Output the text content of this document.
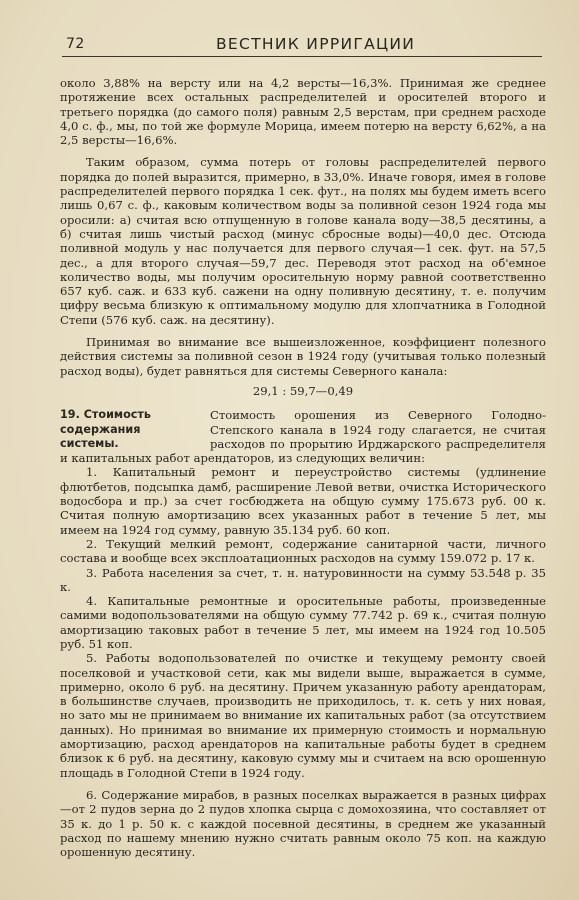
72	ВЕСТНИК ИРРИГАЦИИ

около 3,88% на версту или на 4,2 версты—16,3%. Принимая же среднее протяжение всех остальных распределителей и оросителей второго и третьего порядка (до самого поля) равным 2,5 верстам, при среднем расходе 4,0 с. ф., мы, по той же формуле Морица, имеем потерю на версту 6,62%, а на 2,5 версты—16,6%.

Таким образом, сумма потерь от головы распределителей первого порядка до полей выразится, примерно, в 33,0%. Иначе говоря, имея в голове распределителей первого порядка 1 сек. фут., на полях мы будем иметь всего лишь 0,67 с. ф., каковым количеством воды за поливной сезон 1924 года мы оросили: а) считая всю отпущенную в голове канала воду—38,5 десятины, а б) считая лишь чистый расход (минус сбросные воды)—40,0 дес. Отсюда поливной модуль у нас получается для первого случая—1 сек. фут. на 57,5 дес., а для второго случая—59,7 дес. Переводя этот расход на об'емное количество воды, мы получим оросительную норму равной соответственно 657 куб. саж. и 633 куб. сажени на одну поливную десятину, т. е. получим цифру весьма близкую к оптимальному модулю для хлопчатника в Голодной Степи (576 куб. саж. на десятину).

Принимая во внимание все вышеизложенное, коэффициент полезного действия системы за поливной сезон в 1924 году (учитывая только полезный расход воды), будет равняться для системы Северного канала:

29,1 : 59,7—0,49

19. Стоимость содержания системы.

Стоимость орошения из Северного Голодно-Степского канала в 1924 году слагается, не считая расходов по прорытию Ирджарского распределителя и капитальных работ арендаторов, из следующих величин:

1. Капитальный ремонт и переустройство системы (удлинение флютбетов, подсыпка дамб, расширение Левой ветви, очистка Исторического водосбора и пр.) за счет госбюджета на общую сумму 175.673 руб. 00 к. Считая полную амортизацию всех указанных работ в течение 5 лет, мы имеем на 1924 год сумму, равную 35.134 руб. 60 коп.

2. Текущий мелкий ремонт, содержание санитарной части, личного состава и вообще всех эксплоатационных расходов на сумму 159.072 р. 17 к.

3. Работа населения за счет, т. н. натуровинности на сумму 53.548 р. 35 к.

4. Капитальные ремонтные и оросительные работы, произведенные самими водопользователями на общую сумму 77.742 р. 69 к., считая полную амортизацию таковых работ в течение 5 лет, мы имеем на 1924 год 10.505 руб. 51 коп.

5. Работы водопользователей по очистке и текущему ремонту своей поселковой и участковой сети, как мы видели выше, выражается в сумме, примерно, около 6 руб. на десятину. Причем указанную работу арендаторам, в большинстве случаев, производить не приходилось, т. к. сеть у них новая, но зато мы не принимаем во внимание их капитальных работ (за отсутствием данных). Но принимая во внимание их примерную стоимость и нормальную амортизацию, расход арендаторов на капитальные работы будет в среднем близок к 6 руб. на десятину, каковую сумму мы и считаем на всю орошенную площадь в Голодной Степи в 1924 году.

6. Содержание мирабов, в разных поселках выражается в разных цифрах—от 2 пудов зерна до 2 пудов хлопка сырца с домохозяина, что составляет от 35 к. до 1 р. 50 к. с каждой посевной десятины, в среднем же указанный расход по нашему мнению нужно считать равным около 75 коп. на каждую орошенную десятину.
